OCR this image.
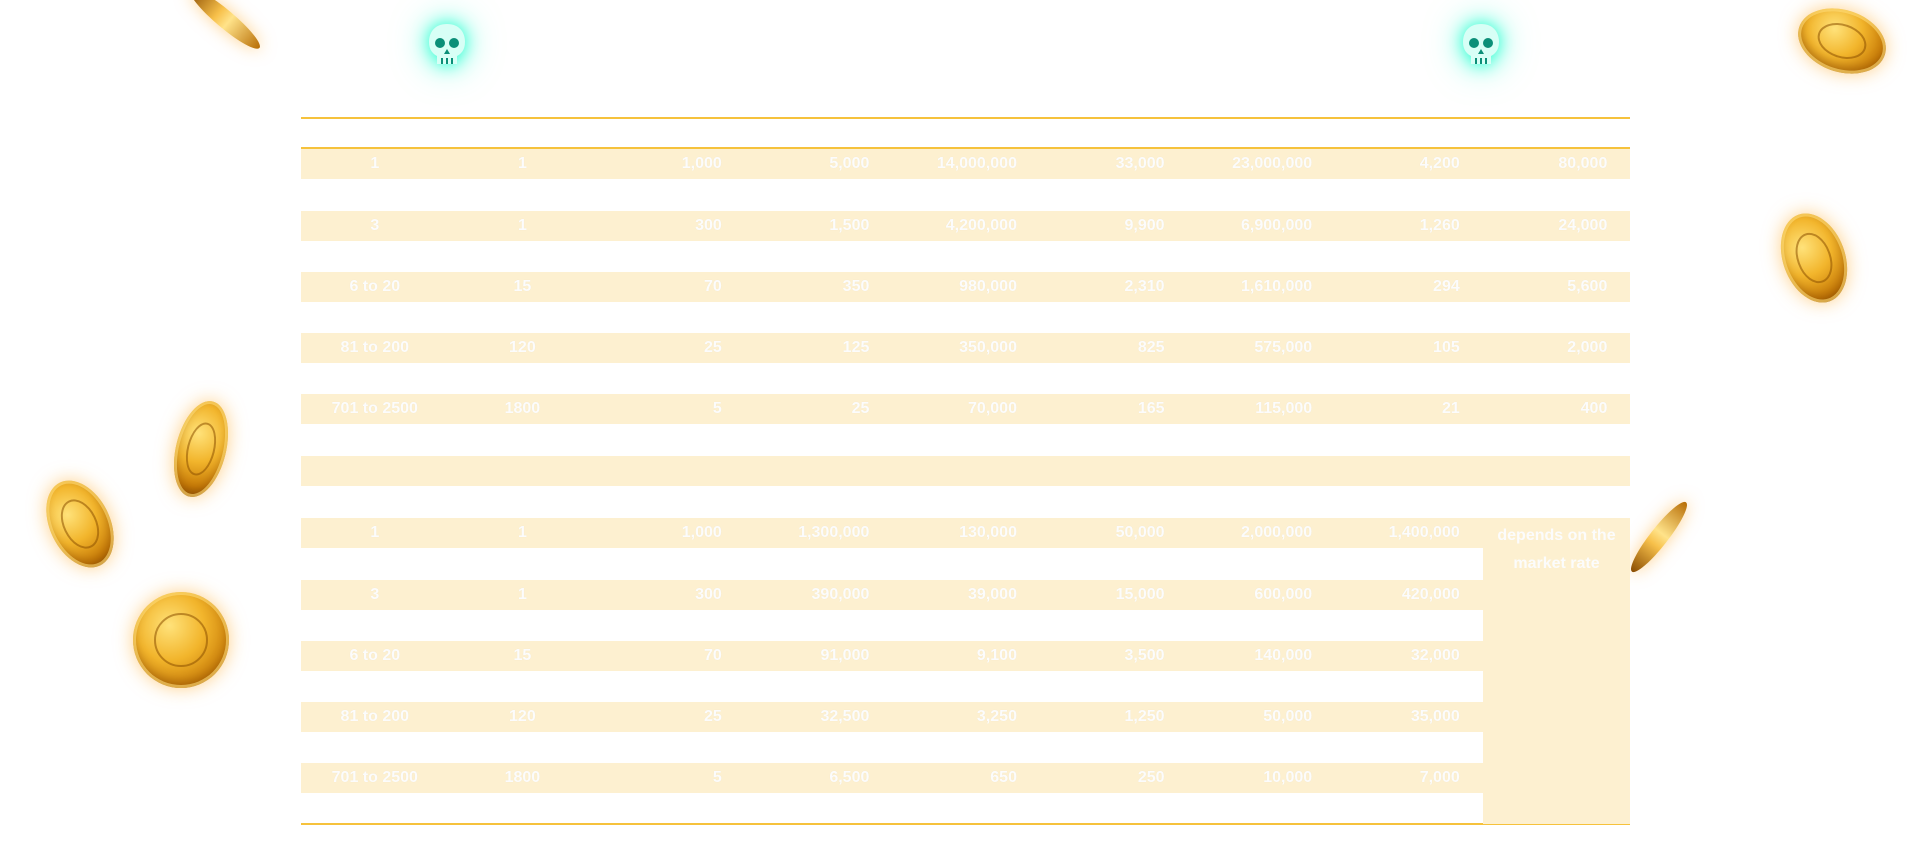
1	1	1,000	5,000	14,000,000	33,000	23,000,000	4,200	80,000
3	1	300	1,500	4,200,000	9,900	6,900,000	1,260	24,000
6 to 20	15	70	350	980,000	2,310	1,610,000	294	5,600
81 to 200	120	25	125	350,000	825	575,000	105	2,000
701 to 2500	1800	5	25	70,000	165	115,000	21	400
depends on the market rate
1	1	1,000	1,300,000	130,000	50,000	2,000,000	1,400,000
3	1	300	390,000	39,000	15,000	600,000	420,000
6 to 20	15	70	91,000	9,100	3,500	140,000	32,000
81 to 200	120	25	32,500	3,250	1,250	50,000	35,000
701 to 2500	1800	5	6,500	650	250	10,000	7,000
